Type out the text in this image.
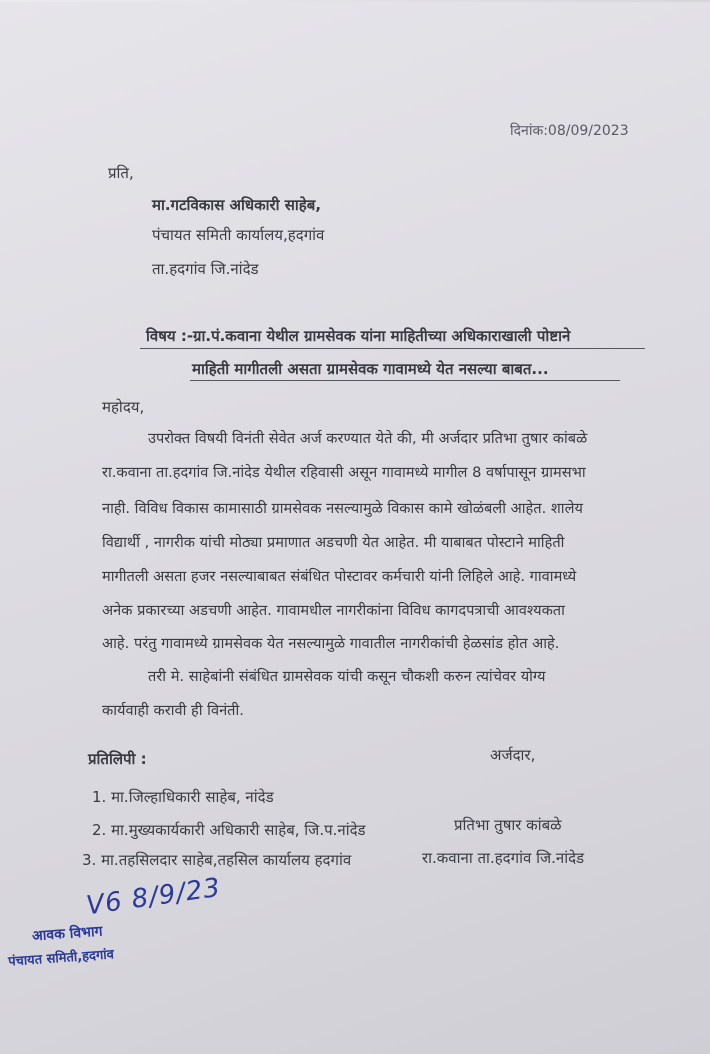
दिनांक:08/09/2023
प्रति,
मा.गटविकास अधिकारी साहेब,
पंचायत समिती कार्यालय,हदगांव
ता.हदगांव जि.नांदेड
विषय :-ग्रा.पं.कवाना येथील ग्रामसेवक यांना माहितीच्या अधिकाराखाली पोष्टाने
माहिती मागीतली असता ग्रामसेवक गावामध्ये येत नसल्या बाबत...
महोदय,
उपरोक्त विषयी विनंती सेवेत अर्ज करण्यात येते की, मी अर्जदार प्रतिभा तुषार कांबळे
रा.कवाना ता.हदगांव जि.नांदेड येथील रहिवासी असून गावामध्ये मागील 8 वर्षापासून ग्रामसभा
नाही. विविध विकास कामासाठी ग्रामसेवक नसल्यामुळे विकास कामे खोळंबली आहेत. शालेय
विद्यार्थी , नागरीक यांची मोठ्या प्रमाणात अडचणी येत आहेत. मी याबाबत पोस्टाने माहिती
मागीतली असता हजर नसल्याबाबत संबंधित पोस्टावर कर्मचारी यांनी लिहिले आहे. गावामध्ये
अनेक प्रकारच्या अडचणी आहेत. गावामधील नागरीकांना विविध कागदपत्राची आवश्यकता
आहे. परंतु गावामध्ये ग्रामसेवक येत नसल्यामुळे गावातील नागरीकांची हेळसांड होत आहे.
तरी मे. साहेबांनी संबंधित ग्रामसेवक यांची कसून चौकशी करुन त्यांचेवर योग्य
कार्यवाही करावी ही विनंती.
अर्जदार,
प्रतिलिपी :
1. मा.जिल्हाधिकारी साहेब, नांदेड
2. मा.मुख्यकार्यकारी अधिकारी साहेब, जि.प.नांदेड
3. मा.तहसिलदार साहेब,तहसिल कार्यालय हदगांव
प्रतिभा तुषार कांबळे
रा.कवाना ता.हदगांव जि.नांदेड
V6 8/9/23
आवक विभाग
पंचायत समिती,हदगांव
